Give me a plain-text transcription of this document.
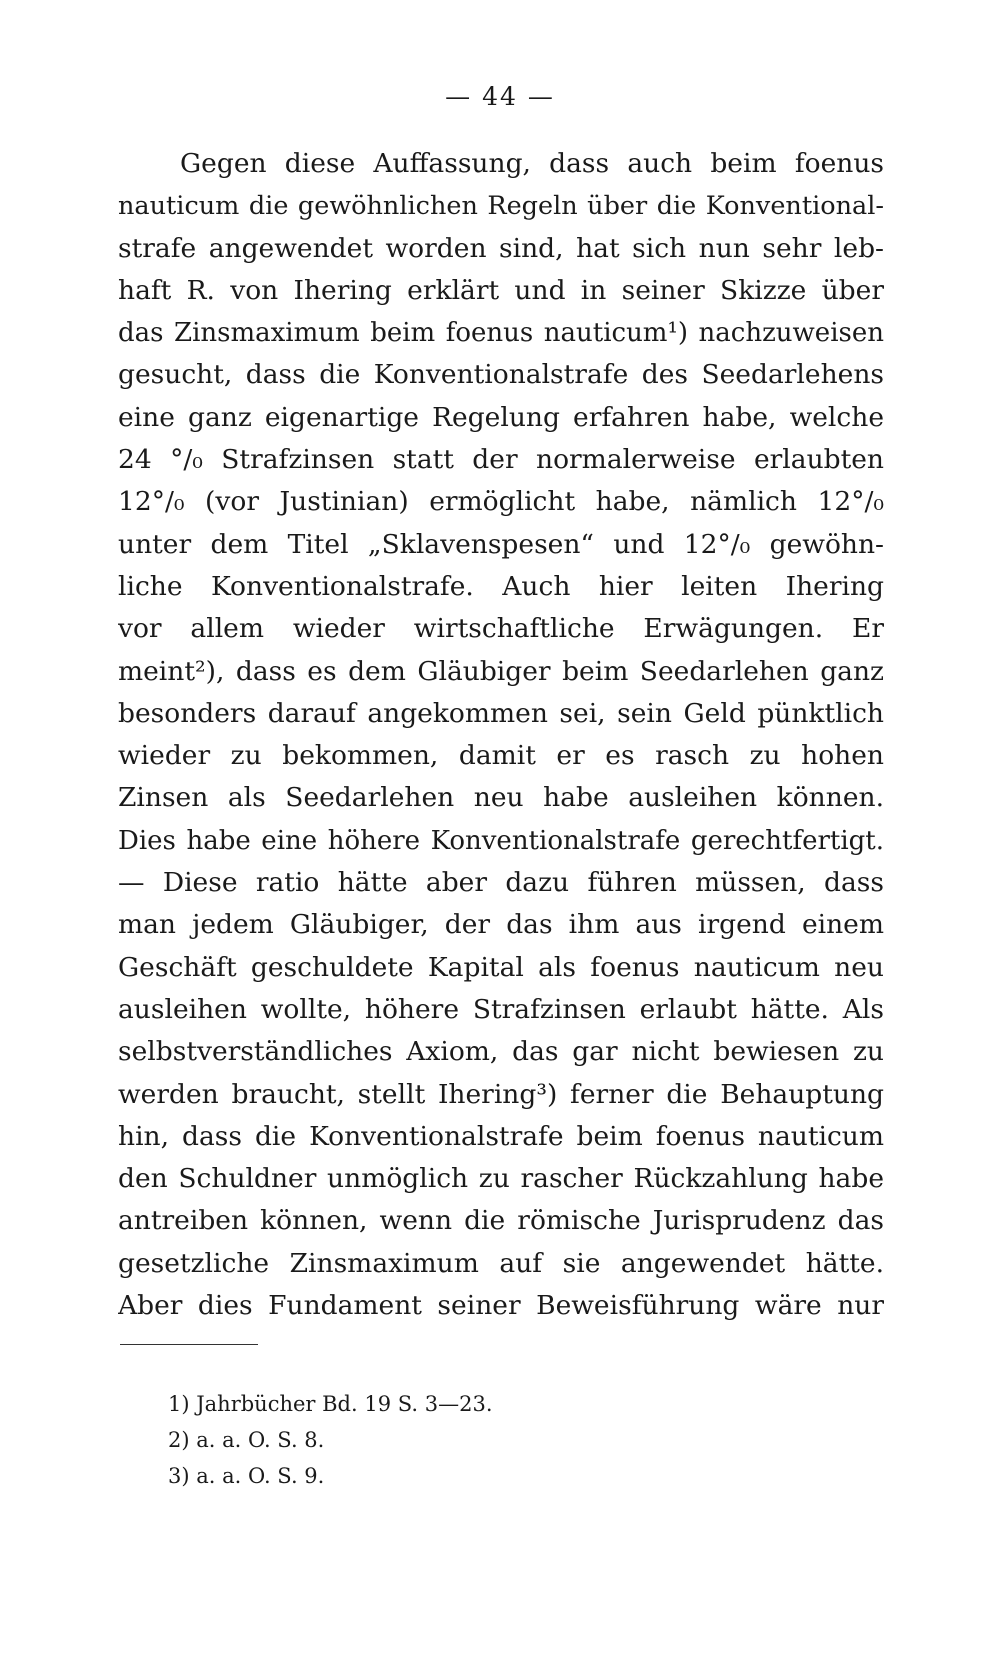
— 44 —
Gegen diese Auffassung, dass auch beim foenus
nauticum die gewöhnlichen Regeln über die Konventional-
strafe angewendet worden sind, hat sich nun sehr leb-
haft R. von Ihering erklärt und in seiner Skizze über
das Zinsmaximum beim foenus nauticum¹) nachzuweisen
gesucht, dass die Konventionalstrafe des Seedarlehens
eine ganz eigenartige Regelung erfahren habe, welche
24 °/₀ Strafzinsen statt der normalerweise erlaubten
12°/₀ (vor Justinian) ermöglicht habe, nämlich 12°/₀
unter dem Titel „Sklavenspesen“ und 12°/₀ gewöhn-
liche Konventionalstrafe. Auch hier leiten Ihering
vor allem wieder wirtschaftliche Erwägungen. Er
meint²), dass es dem Gläubiger beim Seedarlehen ganz
besonders darauf angekommen sei, sein Geld pünktlich
wieder zu bekommen, damit er es rasch zu hohen
Zinsen als Seedarlehen neu habe ausleihen können.
Dies habe eine höhere Konventionalstrafe gerechtfertigt.
— Diese ratio hätte aber dazu führen müssen, dass
man jedem Gläubiger, der das ihm aus irgend einem
Geschäft geschuldete Kapital als foenus nauticum neu
ausleihen wollte, höhere Strafzinsen erlaubt hätte. Als
selbstverständliches Axiom, das gar nicht bewiesen zu
werden braucht, stellt Ihering³) ferner die Behauptung
hin, dass die Konventionalstrafe beim foenus nauticum
den Schuldner unmöglich zu rascher Rückzahlung habe
antreiben können, wenn die römische Jurisprudenz das
gesetzliche Zinsmaximum auf sie angewendet hätte.
Aber dies Fundament seiner Beweisführung wäre nur
1) Jahrbücher Bd. 19 S. 3—23.
2) a. a. O. S. 8.
3) a. a. O. S. 9.
